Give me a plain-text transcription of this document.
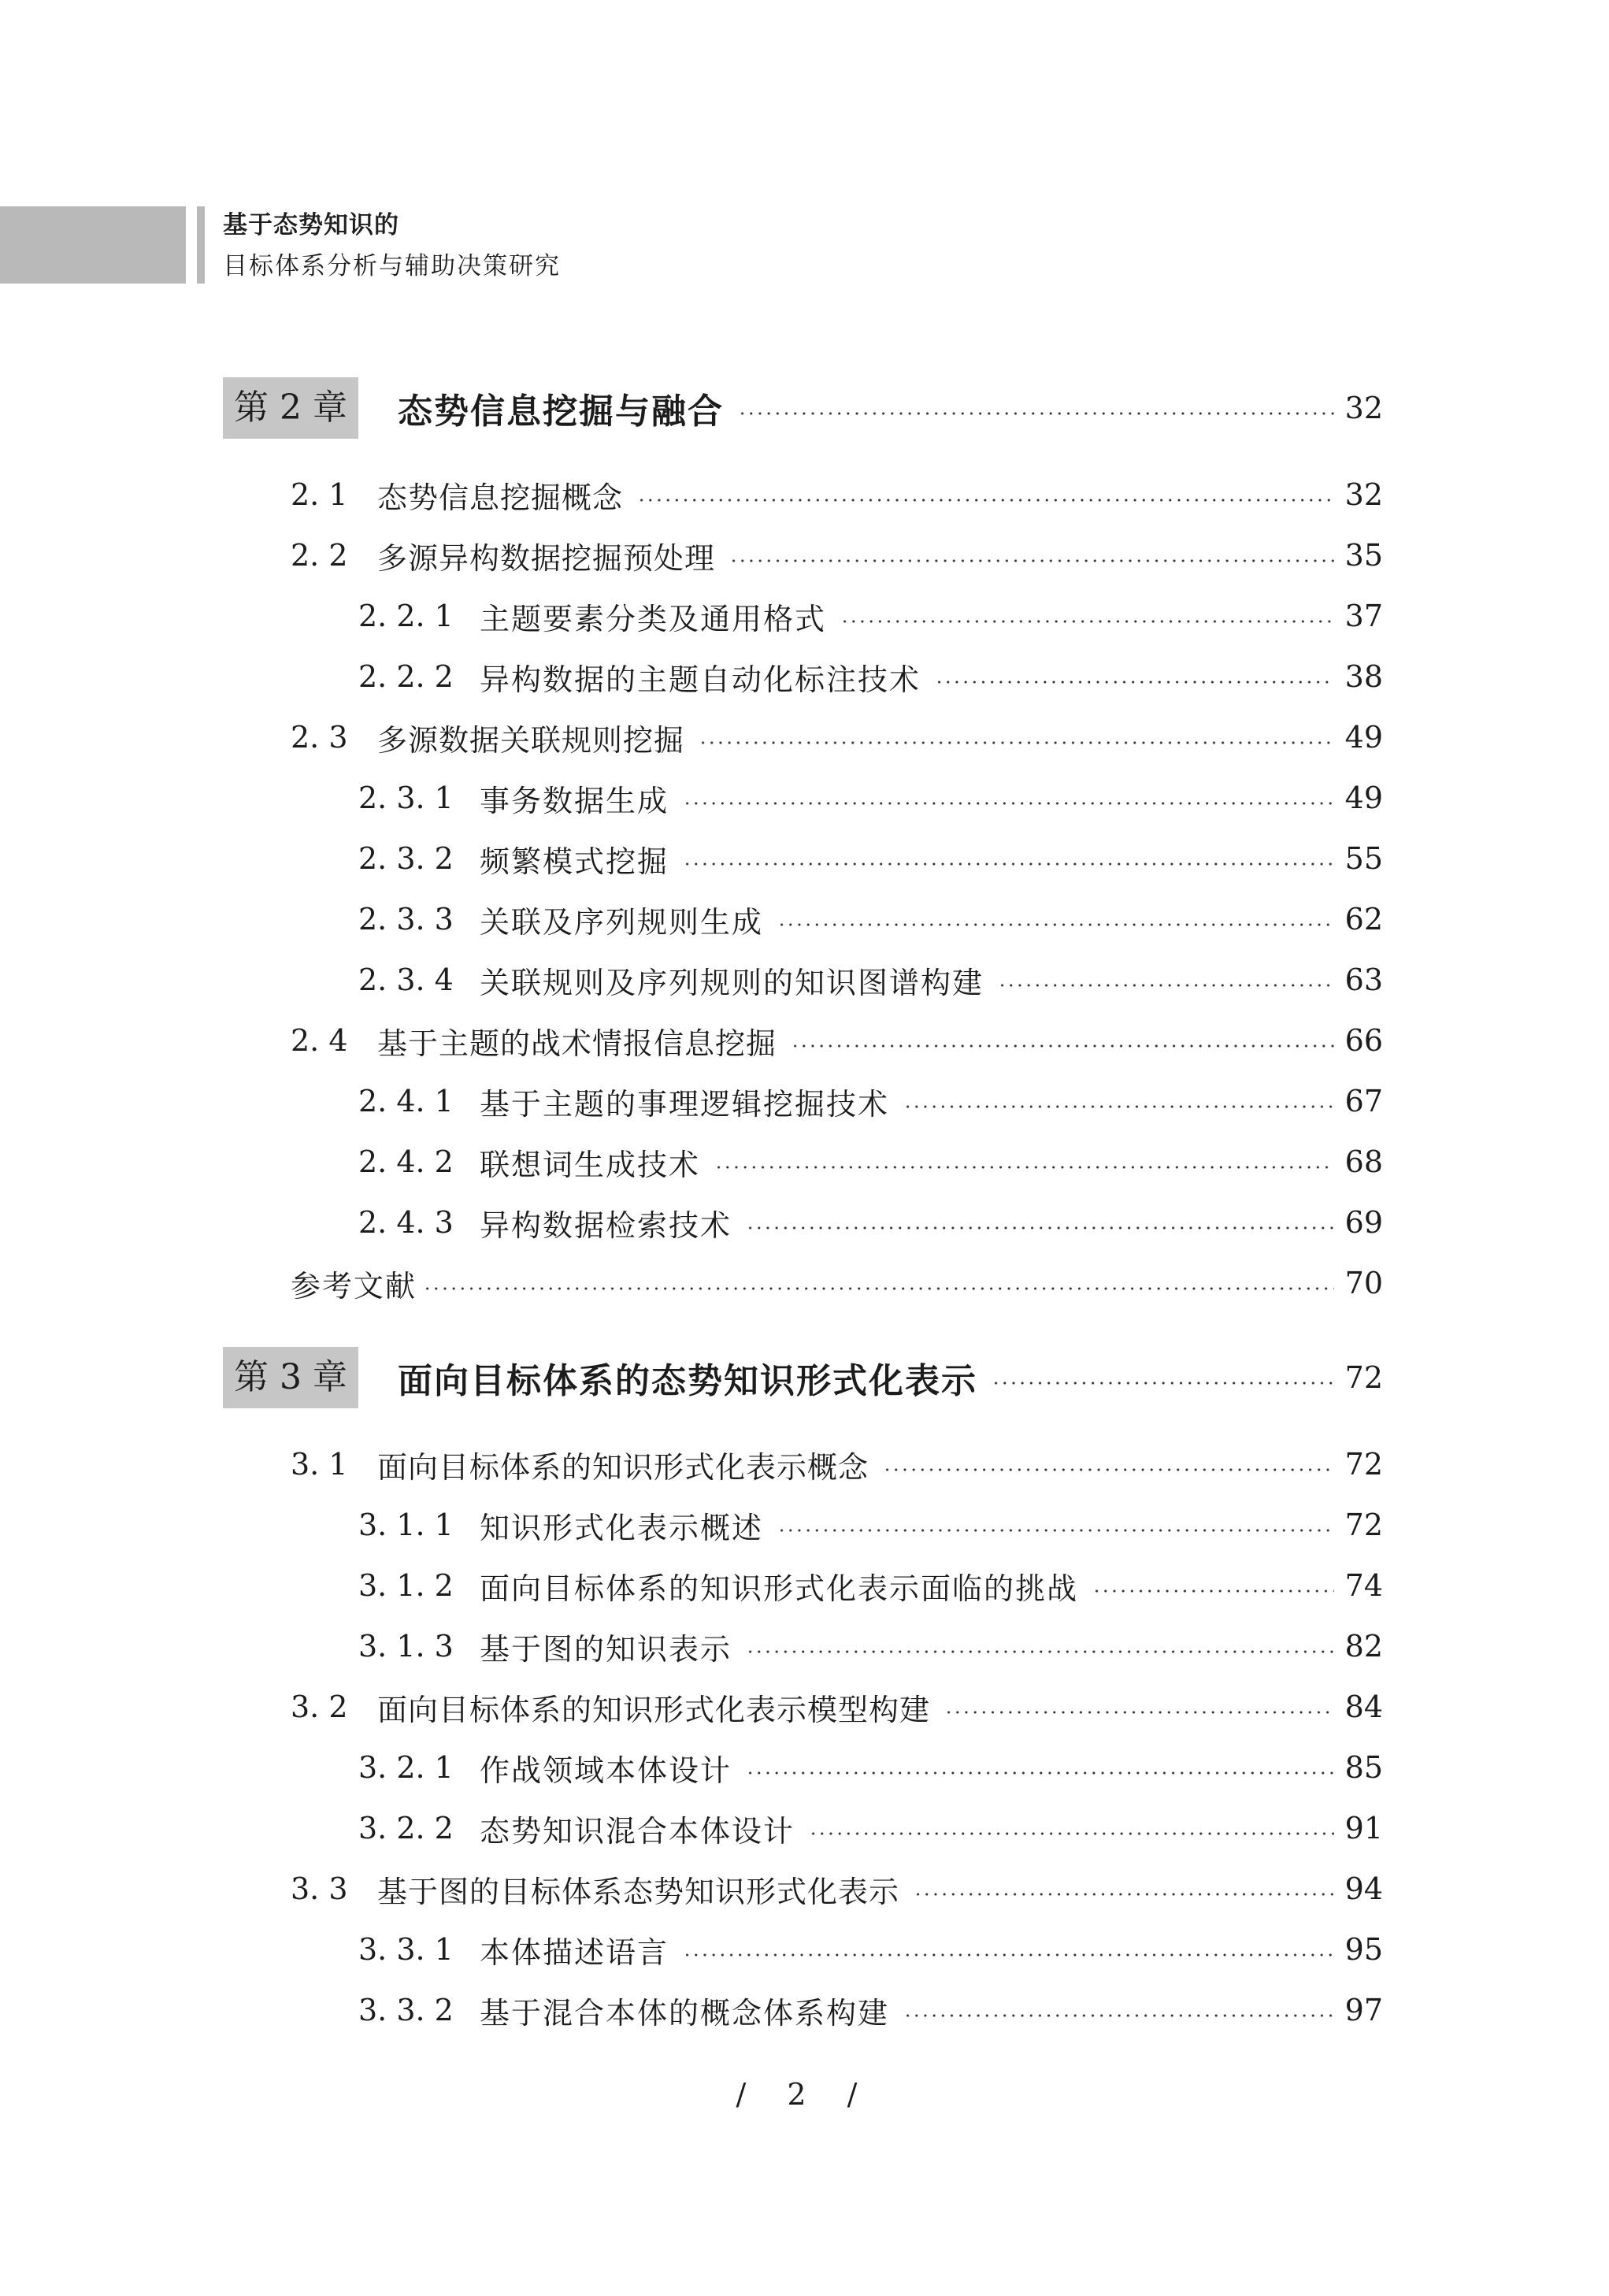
基于态势知识的
目标体系分析与辅助决策研究
第 2 章	态势信息挖掘与融合	32
2. 1 态势信息挖掘概念	32
2. 2 多源异构数据挖掘预处理	35
2. 2. 1 主题要素分类及通用格式	37
2. 2. 2 异构数据的主题自动化标注技术	38
2. 3 多源数据关联规则挖掘	49
2. 3. 1 事务数据生成	49
2. 3. 2 频繁模式挖掘	55
2. 3. 3 关联及序列规则生成	62
2. 3. 4 关联规则及序列规则的知识图谱构建	63
2. 4 基于主题的战术情报信息挖掘	66
2. 4. 1 基于主题的事理逻辑挖掘技术	67
2. 4. 2 联想词生成技术	68
2. 4. 3 异构数据检索技术	69
参考文献	70
第 3 章	面向目标体系的态势知识形式化表示	72
3. 1 面向目标体系的知识形式化表示概念	72
3. 1. 1 知识形式化表示概述	72
3. 1. 2 面向目标体系的知识形式化表示面临的挑战	74
3. 1. 3 基于图的知识表示	82
3. 2 面向目标体系的知识形式化表示模型构建	84
3. 2. 1 作战领域本体设计	85
3. 2. 2 态势知识混合本体设计	91
3. 3 基于图的目标体系态势知识形式化表示	94
3. 3. 1 本体描述语言	95
3. 3. 2 基于混合本体的概念体系构建	97
/ 2 /
